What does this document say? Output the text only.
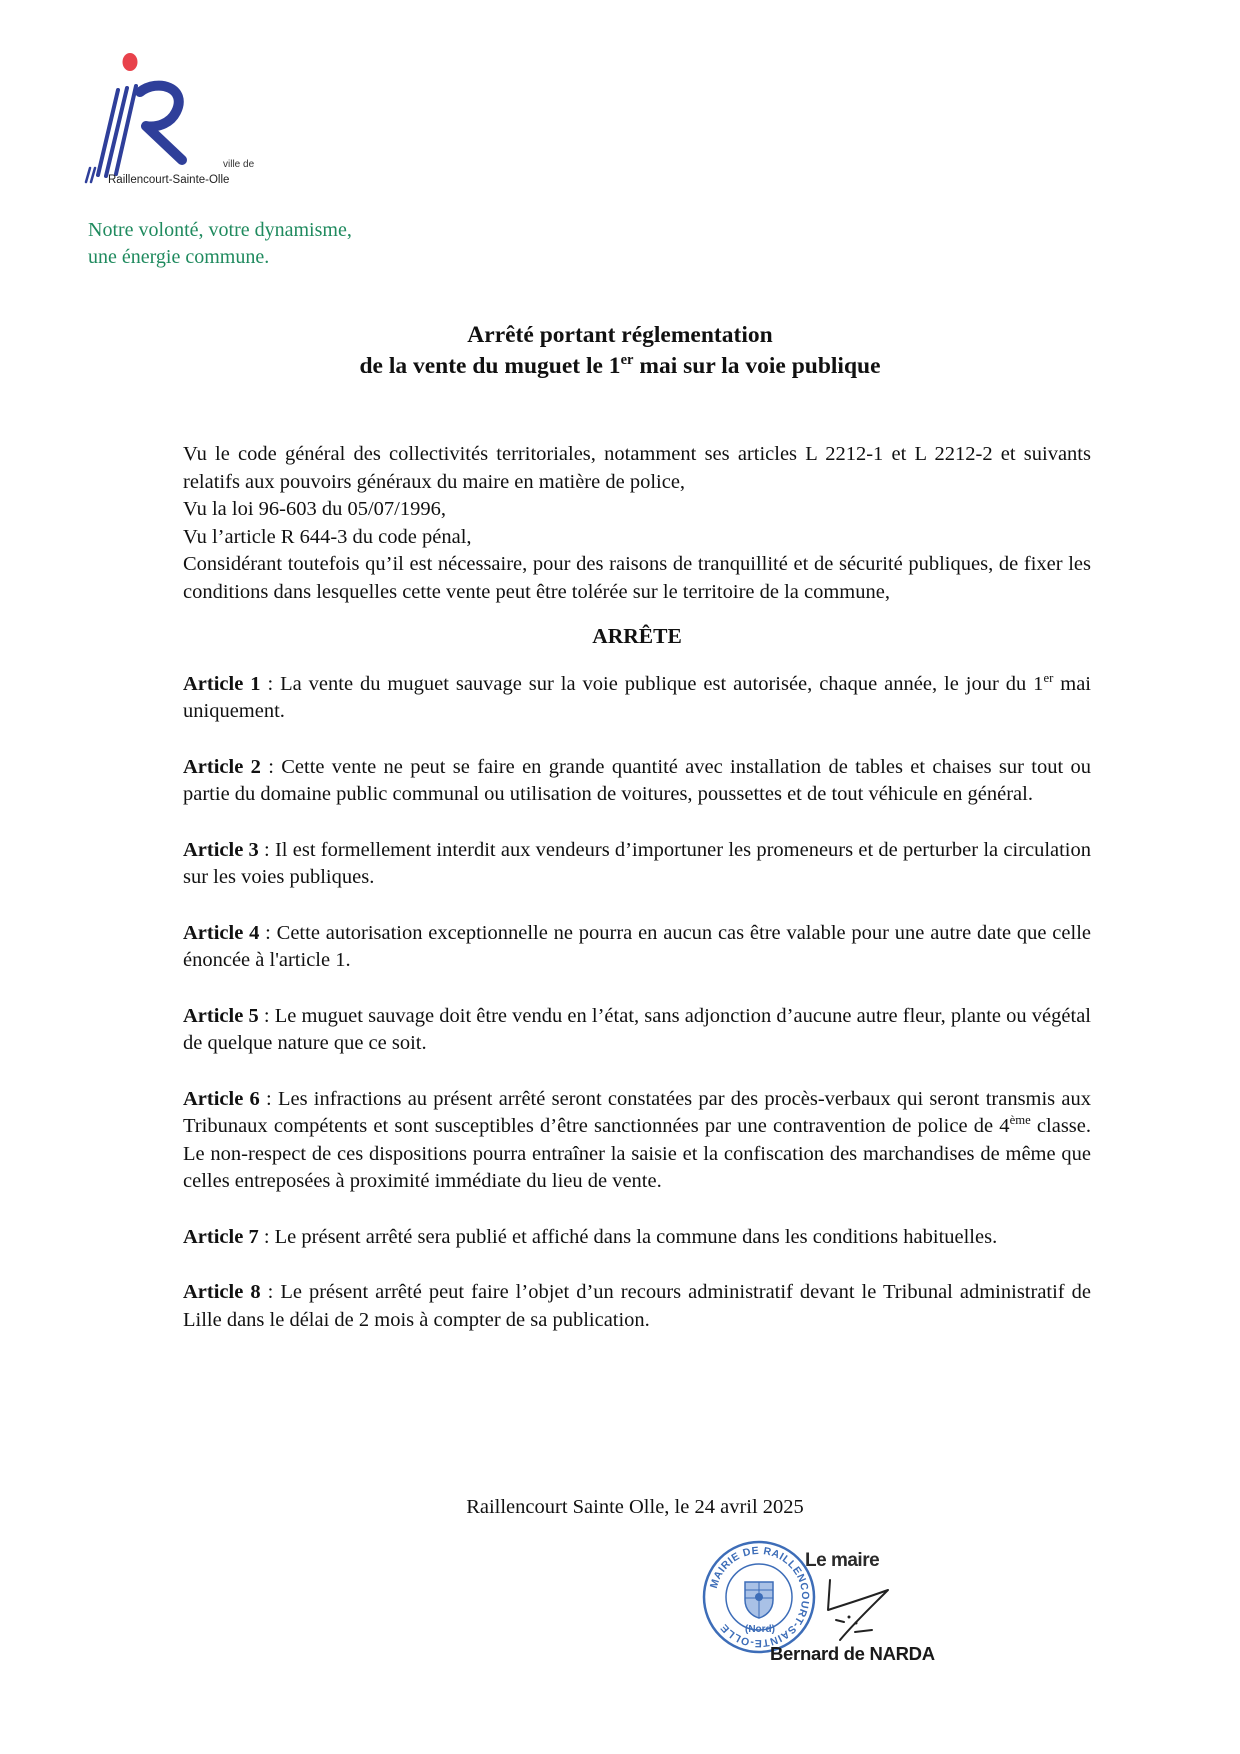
ville de
Raillencourt-Sainte-Olle
Notre volonté, votre dynamisme,
une énergie commune.
Arrêté portant réglementation
de la vente du muguet le 1er mai sur la voie publique

Vu le code général des collectivités territoriales, notamment ses articles L 2212-1 et L 2212-2 et suivants relatifs aux pouvoirs généraux du maire en matière de police,
Vu la loi 96-603 du 05/07/1996,
Vu l’article R 644-3 du code pénal,
Considérant toutefois qu’il est nécessaire, pour des raisons de tranquillité et de sécurité publiques, de fixer les conditions dans lesquelles cette vente peut être tolérée sur le territoire de la commune,

ARRÊTE

Article 1 : La vente du muguet sauvage sur la voie publique est autorisée, chaque année, le jour du 1er mai uniquement.

Article 2 : Cette vente ne peut se faire en grande quantité avec installation de tables et chaises sur tout ou partie du domaine public communal ou utilisation de voitures, poussettes et de tout véhicule en général.

Article 3 : Il est formellement interdit aux vendeurs d’importuner les promeneurs et de perturber la circulation sur les voies publiques.

Article 4 : Cette autorisation exceptionnelle ne pourra en aucun cas être valable pour une autre date que celle énoncée à l'article 1.

Article 5 : Le muguet sauvage doit être vendu en l’état, sans adjonction d’aucune autre fleur, plante ou végétal de quelque nature que ce soit.

Article 6 : Les infractions au présent arrêté seront constatées par des procès-verbaux qui seront transmis aux Tribunaux compétents et sont susceptibles d’être sanctionnées par une contravention de police de 4ème classe. Le non-respect de ces dispositions pourra entraîner la saisie et la confiscation des marchandises de même que celles entreposées à proximité immédiate du lieu de vente.

Article 7 : Le présent arrêté sera publié et affiché dans la commune dans les conditions habituelles.

Article 8 : Le présent arrêté peut faire l’objet d’un recours administratif devant le Tribunal administratif de Lille dans le délai de 2 mois à compter de sa publication.

Raillencourt Sainte Olle, le 24 avril 2025
MAIRIE DE RAILLENCOURT-SAINTE-OLLE	(Nord)
Le maire
Bernard de NARDA
